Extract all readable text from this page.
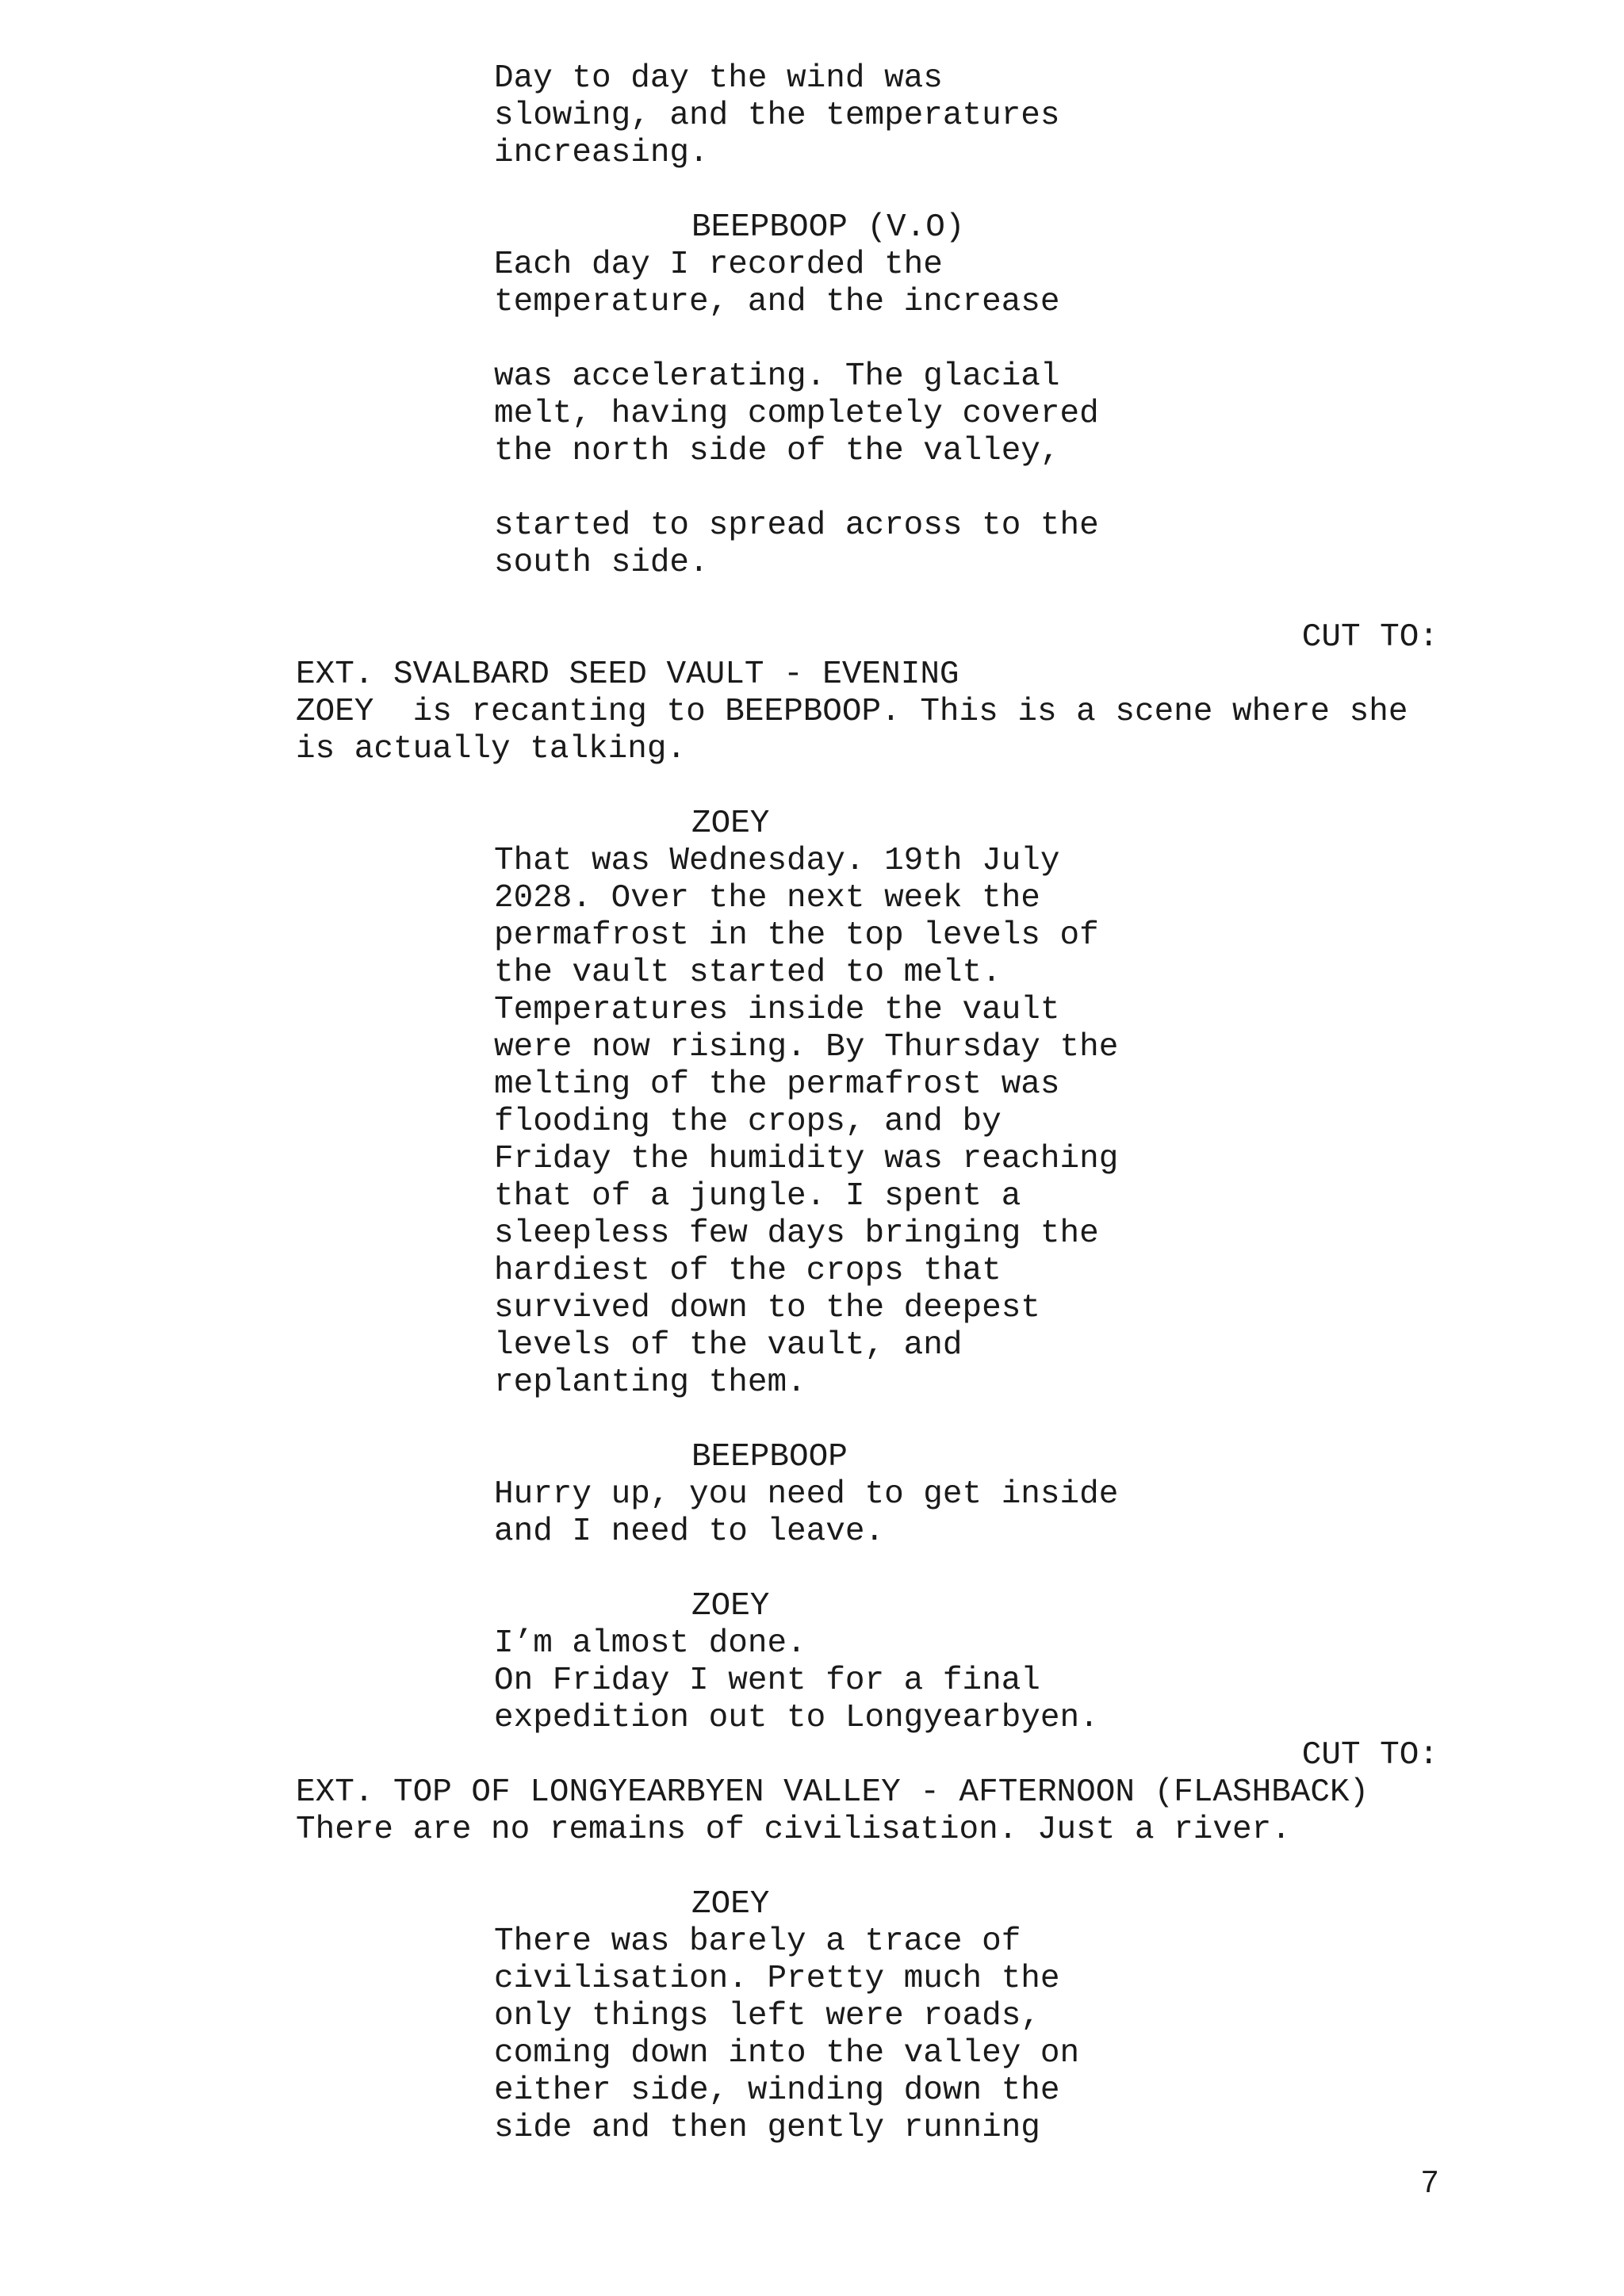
Day to day the wind was
slowing, and the temperatures
increasing.
BEEPBOOP (V.O)
Each day I recorded the
temperature, and the increase
was accelerating. The glacial
melt, having completely covered
the north side of the valley,
started to spread across to the
south side.
CUT TO:
EXT. SVALBARD SEED VAULT - EVENING
ZOEY  is recanting to BEEPBOOP. This is a scene where she
is actually talking.
ZOEY
That was Wednesday. 19th July
2028. Over the next week the
permafrost in the top levels of
the vault started to melt.
Temperatures inside the vault
were now rising. By Thursday the
melting of the permafrost was
flooding the crops, and by
Friday the humidity was reaching
that of a jungle. I spent a
sleepless few days bringing the
hardiest of the crops that
survived down to the deepest
levels of the vault, and
replanting them.
BEEPBOOP
Hurry up, you need to get inside
and I need to leave.
ZOEY
I’m almost done.
On Friday I went for a final
expedition out to Longyearbyen.
CUT TO:
EXT. TOP OF LONGYEARBYEN VALLEY - AFTERNOON (FLASHBACK)
There are no remains of civilisation. Just a river.
ZOEY
There was barely a trace of
civilisation. Pretty much the
only things left were roads,
coming down into the valley on
either side, winding down the
side and then gently running
7
